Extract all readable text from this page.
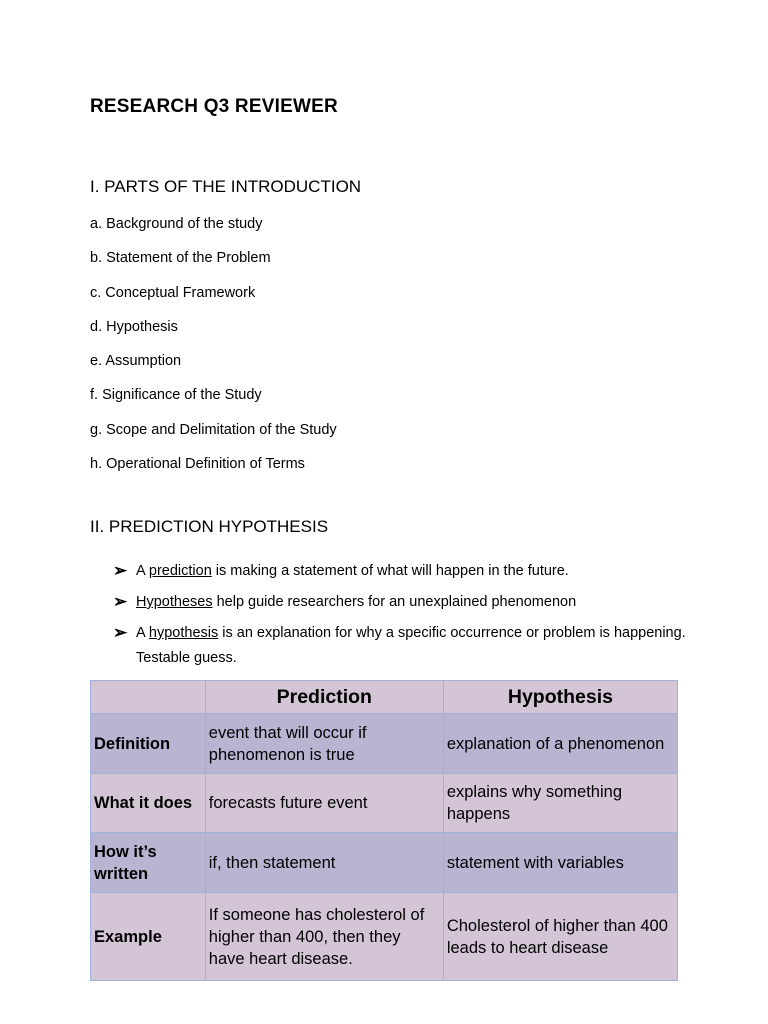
RESEARCH Q3 REVIEWER
I. PARTS OF THE INTRODUCTION
a. Background of the study
b. Statement of the Problem
c. Conceptual Framework
d. Hypothesis
e. Assumption
f. Significance of the Study
g. Scope and Delimitation of the Study
h. Operational Definition of Terms
II. PREDICTION HYPOTHESIS
➢ A prediction is making a statement of what will happen in the future.
➢ Hypotheses help guide researchers for an unexplained phenomenon
➢ A hypothesis is an explanation for why a specific occurrence or problem is happening. Testable guess.
	Prediction	Hypothesis
Definition	event that will occur if phenomenon is true	explanation of a phenomenon
What it does	forecasts future event	explains why something happens
How it’s written	if, then statement	statement with variables
Example	If someone has cholesterol of higher than 400, then they have heart disease.	Cholesterol of higher than 400 leads to heart disease
